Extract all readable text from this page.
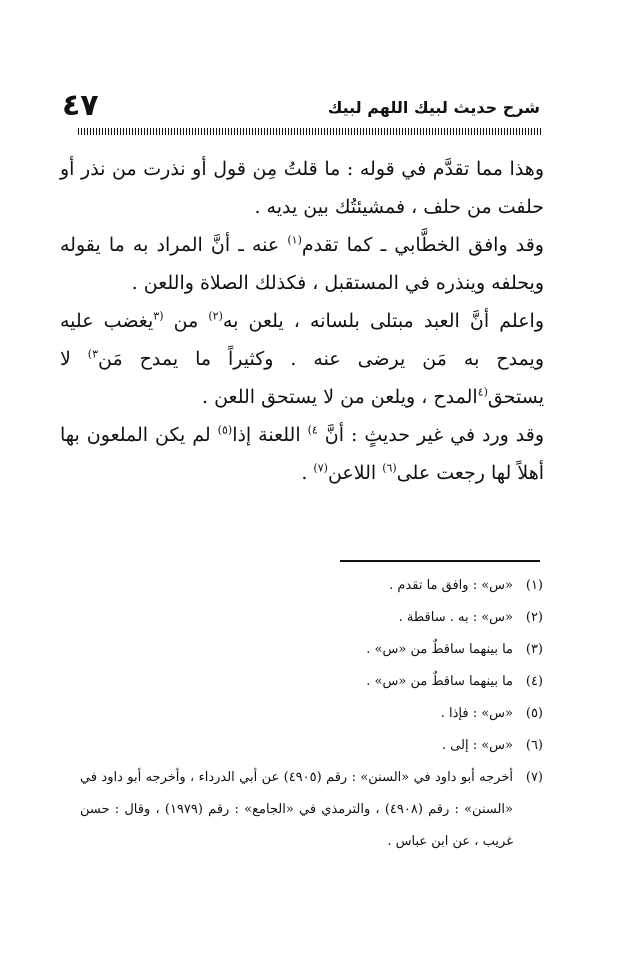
٤٧	شرح حديث لبيك اللهم لبيك

وهذا مما تقدَّم في قوله : ما قلتُ مِن قول أو نذرت من نذر أو حلفت من حلف ، فمشيئتُك بين يديه .

وقد وافق الخطَّابي ـ كما تقدم$^{(١)}$ عنه ـ أنَّ المراد به ما يقوله ويحلفه وينذره في المستقبل ، فكذلك الصلاة واللعن .

واعلم أنَّ العبد مبتلى بلسانه ، يلعن به$^{(٢)}$ من $^{(٣}$يغضب عليه ويمدح به مَن يرضى عنه . وكثيراً ما يمدح مَن$^{٣)}$ لا يستحق$^{(٤}$المدح ، ويلعن من لا يستحق اللعن .

وقد ورد في غير حديثٍ : أنَّ $^{٤)}$ اللعنة إذا$^{(٥)}$ لم يكن الملعون بها أهلاً لها رجعت على$^{(٦)}$ اللاعن$^{(٧)}$ .

(١)
«س» : وافق ما تقدم .
(٢)
«س» : به . ساقطة .
(٣)
ما بينهما ساقطٌ من «س» .
(٤)
ما بينهما ساقطٌ من «س» .
(٥)
«س» : فإذا .
(٦)
«س» : إلى .
(٧)
أخرجه أبو داود في «السنن» : رقم (٤٩٠٥) عن أبي الدرداء ، وأخرجه أبو داود في «السنن» : رقم (٤٩٠٨) ، والترمذي في «الجامع» : رقم (١٩٧٩) ، وقال : حسن غريب ، عن ابن عباس .
